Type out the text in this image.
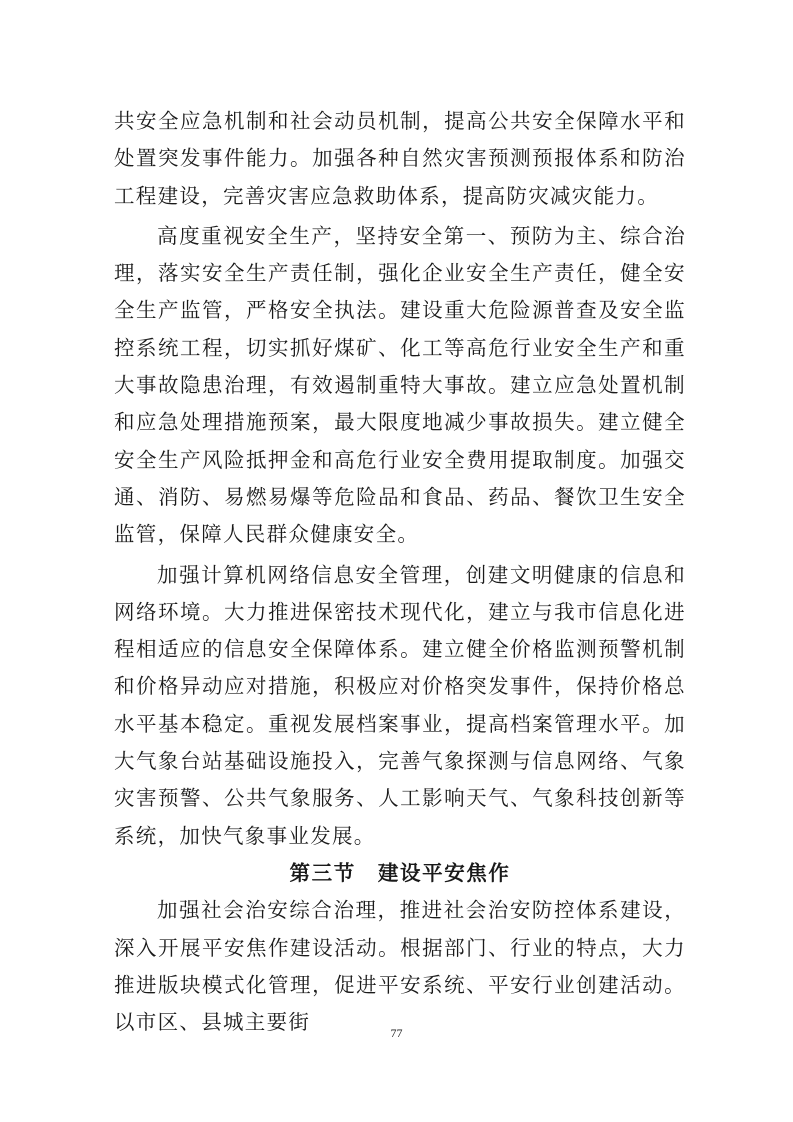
共安全应急机制和社会动员机制，提高公共安全保障水平和处置突发事件能力。加强各种自然灾害预测预报体系和防治工程建设，完善灾害应急救助体系，提高防灾减灾能力。

高度重视安全生产，坚持安全第一、预防为主、综合治理，落实安全生产责任制，强化企业安全生产责任，健全安全生产监管，严格安全执法。建设重大危险源普查及安全监控系统工程，切实抓好煤矿、化工等高危行业安全生产和重大事故隐患治理，有效遏制重特大事故。建立应急处置机制和应急处理措施预案，最大限度地减少事故损失。建立健全安全生产风险抵押金和高危行业安全费用提取制度。加强交通、消防、易燃易爆等危险品和食品、药品、餐饮卫生安全监管，保障人民群众健康安全。

加强计算机网络信息安全管理，创建文明健康的信息和网络环境。大力推进保密技术现代化，建立与我市信息化进程相适应的信息安全保障体系。建立健全价格监测预警机制和价格异动应对措施，积极应对价格突发事件，保持价格总水平基本稳定。重视发展档案事业，提高档案管理水平。加大气象台站基础设施投入，完善气象探测与信息网络、气象灾害预警、公共气象服务、人工影响天气、气象科技创新等系统，加快气象事业发展。

第三节　建设平安焦作

加强社会治安综合治理，推进社会治安防控体系建设，深入开展平安焦作建设活动。根据部门、行业的特点，大力推进版块模式化管理，促进平安系统、平安行业创建活动。以市区、县城主要街	77
